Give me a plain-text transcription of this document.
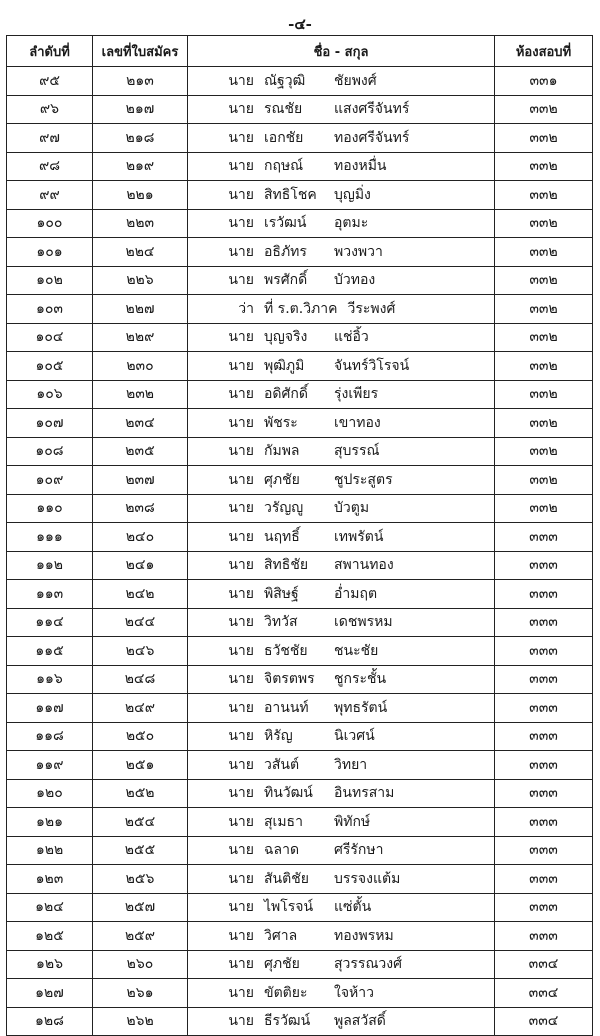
-๔-
ลำดับที่	เลขที่ใบสมัคร	ชื่อ - สกุล	ห้องสอบที่
๙๕	๒๑๓	นาย ณัฐวุฒิ ชัยพงศ์	๓๓๑
๙๖	๒๑๗	นาย รณชัย แสงศรีจันทร์	๓๓๒
๙๗	๒๑๘	นาย เอกชัย ทองศรีจันทร์	๓๓๒
๙๘	๒๑๙	นาย กฤษณ์ ทองหมื่น	๓๓๒
๙๙	๒๒๑	นาย สิทธิโชค บุญมิ่ง	๓๓๒
๑๐๐	๒๒๓	นาย เรวัฒน์ อุตมะ	๓๓๒
๑๐๑	๒๒๔	นาย อธิภัทร พวงพวา	๓๓๒
๑๐๒	๒๒๖	นาย พรศักดิ์ บัวทอง	๓๓๒
๑๐๓	๒๒๗	ว่า ที่ ร.ต.วิภาค วีระพงศ์	๓๓๒
๑๐๔	๒๒๙	นาย บุญจริง แช่อิ้ว	๓๓๒
๑๐๕	๒๓๐	นาย พุฒิภูมิ จันทร์วิโรจน์	๓๓๒
๑๐๖	๒๓๒	นาย อดิศักดิ์ รุ่งเพียร	๓๓๒
๑๐๗	๒๓๔	นาย พัชระ เขาทอง	๓๓๒
๑๐๘	๒๓๕	นาย กัมพล สุบรรณ์	๓๓๒
๑๐๙	๒๓๗	นาย ศุภชัย ชูประสูตร	๓๓๒
๑๑๐	๒๓๘	นาย วรัญญู บัวตูม	๓๓๒
๑๑๑	๒๔๐	นาย นฤทธิ์ เทพรัตน์	๓๓๓
๑๑๒	๒๔๑	นาย สิทธิชัย สพานทอง	๓๓๓
๑๑๓	๒๔๒	นาย พิสิษฐ์ อ่ำมฤต	๓๓๓
๑๑๔	๒๔๔	นาย วิทวัส เดชพรหม	๓๓๓
๑๑๕	๒๔๖	นาย ธวัชชัย ชนะชัย	๓๓๓
๑๑๖	๒๔๘	นาย จิตรตพร ชูกระชั้น	๓๓๓
๑๑๗	๒๔๙	นาย อานนท์ พุทธรัตน์	๓๓๓
๑๑๘	๒๕๐	นาย หิรัญ นิเวศน์	๓๓๓
๑๑๙	๒๕๑	นาย วสันต์ วิทยา	๓๓๓
๑๒๐	๒๕๒	นาย ทินวัฒน์ อินทรสาม	๓๓๓
๑๒๑	๒๕๔	นาย สุเมธา พิทักษ์	๓๓๓
๑๒๒	๒๕๕	นาย ฉลาด ศรีรักษา	๓๓๓
๑๒๓	๒๕๖	นาย สันติชัย บรรจงแต้ม	๓๓๓
๑๒๔	๒๕๗	นาย ไพโรจน์ แซ่ตั้น	๓๓๓
๑๒๕	๒๕๙	นาย วิศาล ทองพรหม	๓๓๓
๑๒๖	๒๖๐	นาย ศุภชัย สุวรรณวงศ์	๓๓๔
๑๒๗	๒๖๑	นาย ขัตติยะ ใจห้าว	๓๓๔
๑๒๘	๒๖๒	นาย ธีรวัฒน์ พูลสวัสดิ์	๓๓๔
